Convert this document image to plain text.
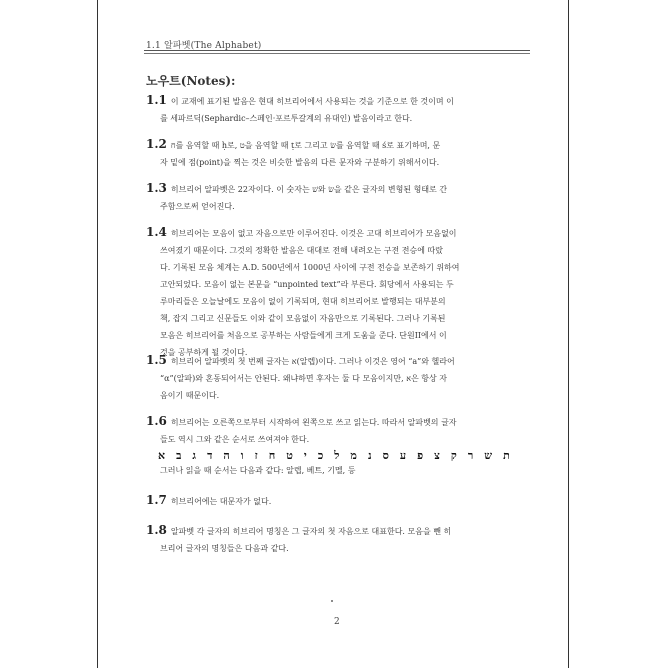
1.1 알파벳(The Alphabet)
노우트(Notes):
1.1 이 교재에 표기된 발음은 현대 히브리어에서 사용되는 것을 기준으로 한 것이며 이
를 세파르딕(Sephardic–스페인·포르투갈계의 유대인) 발음이라고 한다.
1.2 ח를 음역할 때 ḥ로, ט을 음역할 때 ṭ로 그리고 שׂ를 음역할 때 ś로 표기하며, 문
자 밑에 점(point)을 찍는 것은 비슷한 발음의 다른 문자와 구분하기 위해서이다.
1.3 히브리어 알파벳은 22자이다. 이 숫자는 שׁ와 שׂ을 같은 글자의 변형된 형태로 간
주함으로써 얻어진다.
1.4 히브리어는 모음이 없고 자음으로만 이루어진다. 이것은 고대 히브리어가 모음없이
쓰여졌기 때문이다. 그것의 정확한 발음은 대대로 전해 내려오는 구전 전승에 따랐
다. 기록된 모음 체계는 A.D. 500년에서 1000년 사이에 구전 전승을 보존하기 위하여
고안되었다. 모음이 없는 본문을 “unpointed text”라 부른다. 회당에서 사용되는 두
루마리들은 오늘날에도 모음이 없이 기록되며, 현대 히브리어로 발행되는 대부분의
책, 잡지 그리고 신문들도 이와 같이 모음없이 자음만으로 기록된다. 그러나 기록된
모음은 히브리어를 처음으로 공부하는 사람들에게 크게 도움을 준다. 단원II에서 이
것을 공부하게 될 것이다.
1.5 히브리어 알파벳의 첫 번째 글자는 א(알렙)이다. 그러나 이것은 영어 “a”와 헬라어
“α”(알파)와 혼동되어서는 안된다. 왜냐하면 후자는 둘 다 모음이지만, א은 항상 자
음이기 때문이다.
1.6 히브리어는 오른쪽으로부터 시작하여 왼쪽으로 쓰고 읽는다. 따라서 알파벳의 글자
들도 역시 그와 같은 순서로 쓰여져야 한다.
ת ש ר ק צ פ ע ס נ מ ל כ י ט ח ז ו ה ד ג ב א
그러나 읽을 때 순서는 다음과 같다: 알렙, 베트, 기멜, 등
1.7 히브리어에는 대문자가 없다.
1.8 알파벳 각 글자의 히브리어 명칭은 그 글자의 첫 자음으로 대표한다. 모음을 뺀 히
브리어 글자의 명칭들은 다음과 같다.
2
